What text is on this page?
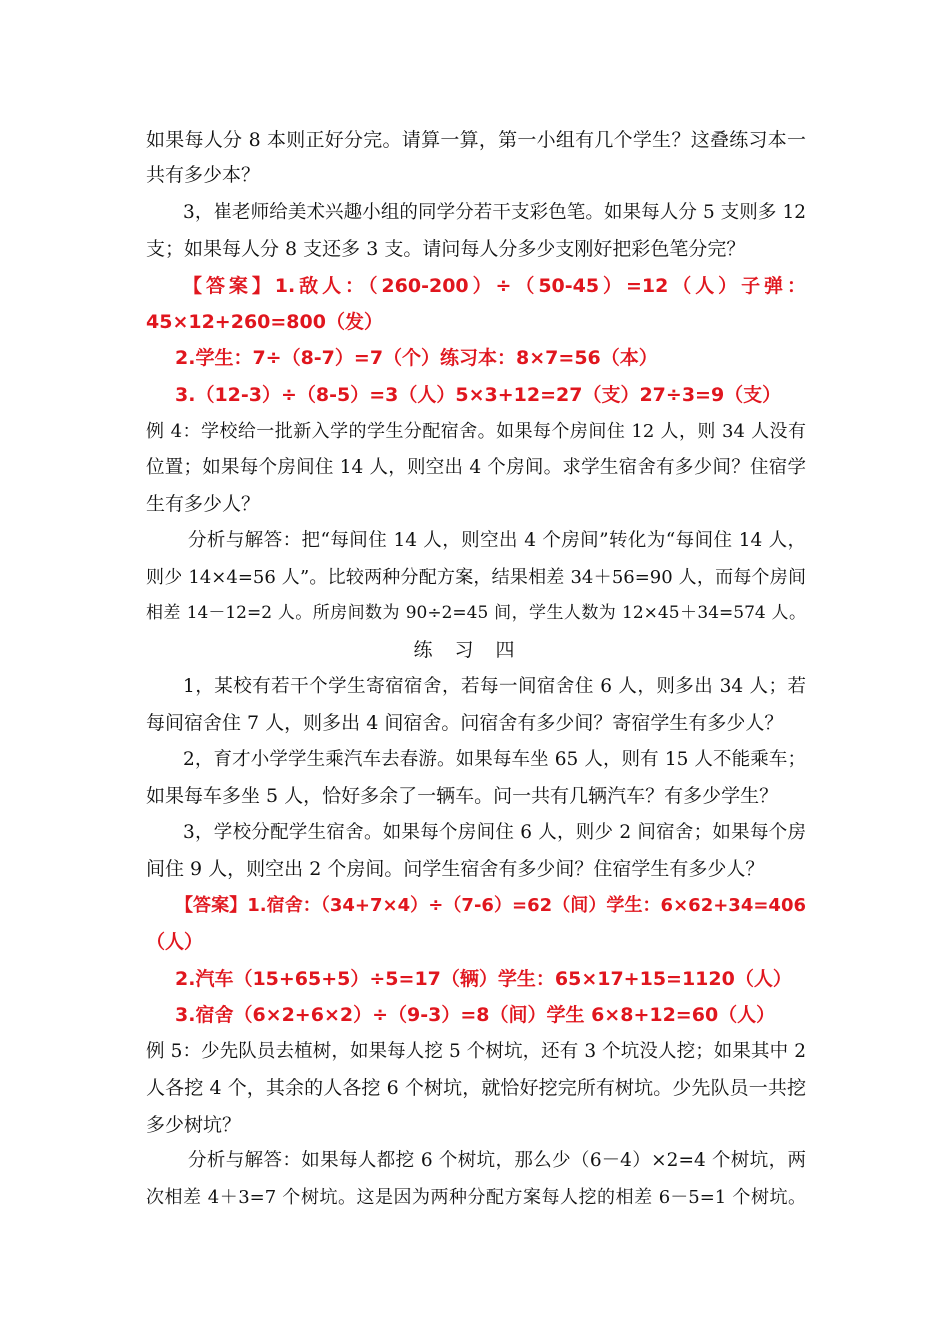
如果每人分 8 本则正好分完。请算一算，第一小组有几个学生？这叠练习本一
共有多少本？
3，崔老师给美术兴趣小组的同学分若干支彩色笔。如果每人分 5 支则多 12
支；如果每人分 8 支还多 3 支。请问每人分多少支刚好把彩色笔分完？
【答案】1.敌人：（260-200）÷（50-45）=12（人）子弹：
45×12+260=800（发）
2.学生：7÷（8-7）=7（个）练习本：8×7=56（本）
3.（12-3）÷（8-5）=3（人）5×3+12=27（支）27÷3=9（支）
例 4：学校给一批新入学的学生分配宿舍。如果每个房间住 12 人，则 34 人没有
位置；如果每个房间住 14 人，则空出 4 个房间。求学生宿舍有多少间？住宿学
生有多少人？
分析与解答：把“每间住 14 人，则空出 4 个房间”转化为“每间住 14 人，
则少 14×4=56 人”。比较两种分配方案，结果相差 34＋56=90 人，而每个房间
相差 14－12=2 人。所房间数为 90÷2=45 间，学生人数为 12×45＋34=574 人。
练习四
1，某校有若干个学生寄宿宿舍，若每一间宿舍住 6 人，则多出 34 人；若
每间宿舍住 7 人，则多出 4 间宿舍。问宿舍有多少间？寄宿学生有多少人？
2，育才小学学生乘汽车去春游。如果每车坐 65 人，则有 15 人不能乘车；
如果每车多坐 5 人，恰好多余了一辆车。问一共有几辆汽车？有多少学生？
3，学校分配学生宿舍。如果每个房间住 6 人，则少 2 间宿舍；如果每个房
间住 9 人，则空出 2 个房间。问学生宿舍有多少间？住宿学生有多少人？
【答案】1.宿舍：（34+7×4）÷（7-6）=62（间）学生：6×62+34=406
（人）
2.汽车（15+65+5）÷5=17（辆）学生：65×17+15=1120（人）
3.宿舍（6×2+6×2）÷（9-3）=8（间）学生 6×8+12=60（人）
例 5：少先队员去植树，如果每人挖 5 个树坑，还有 3 个坑没人挖；如果其中 2
人各挖 4 个，其余的人各挖 6 个树坑，就恰好挖完所有树坑。少先队员一共挖
多少树坑？
分析与解答：如果每人都挖 6 个树坑，那么少（6－4）×2=4 个树坑，两
次相差 4＋3=7 个树坑。这是因为两种分配方案每人挖的相差 6－5=1 个树坑。
